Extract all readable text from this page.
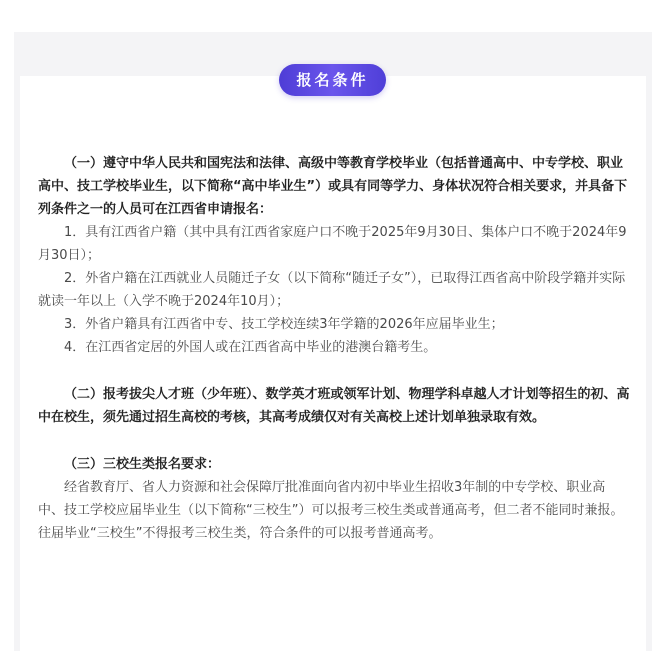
报名条件

（一）遵守中华人民共和国宪法和法律、高级中等教育学校毕业（包括普通高中、中专学校、职业高中、技工学校毕业生，以下简称“高中毕业生”）或具有同等学力、身体状况符合相关要求，并具备下列条件之一的人员可在江西省申请报名：

1．具有江西省户籍（其中具有江西省家庭户口不晚于2025年9月30日、集体户口不晚于2024年9月30日）；

2．外省户籍在江西就业人员随迁子女（以下简称“随迁子女”），已取得江西省高中阶段学籍并实际就读一年以上（入学不晚于2024年10月）；

3．外省户籍具有江西省中专、技工学校连续3年学籍的2026年应届毕业生；

4．在江西省定居的外国人或在江西省高中毕业的港澳台籍考生。

（二）报考拔尖人才班（少年班）、数学英才班或领军计划、物理学科卓越人才计划等招生的初、高中在校生，须先通过招生高校的考核，其高考成绩仅对有关高校上述计划单独录取有效。

（三）三校生类报名要求：

经省教育厅、省人力资源和社会保障厅批准面向省内初中毕业生招收3年制的中专学校、职业高中、技工学校应届毕业生（以下简称“三校生”）可以报考三校生类或普通高考，但二者不能同时兼报。往届毕业“三校生”不得报考三校生类，符合条件的可以报考普通高考。
